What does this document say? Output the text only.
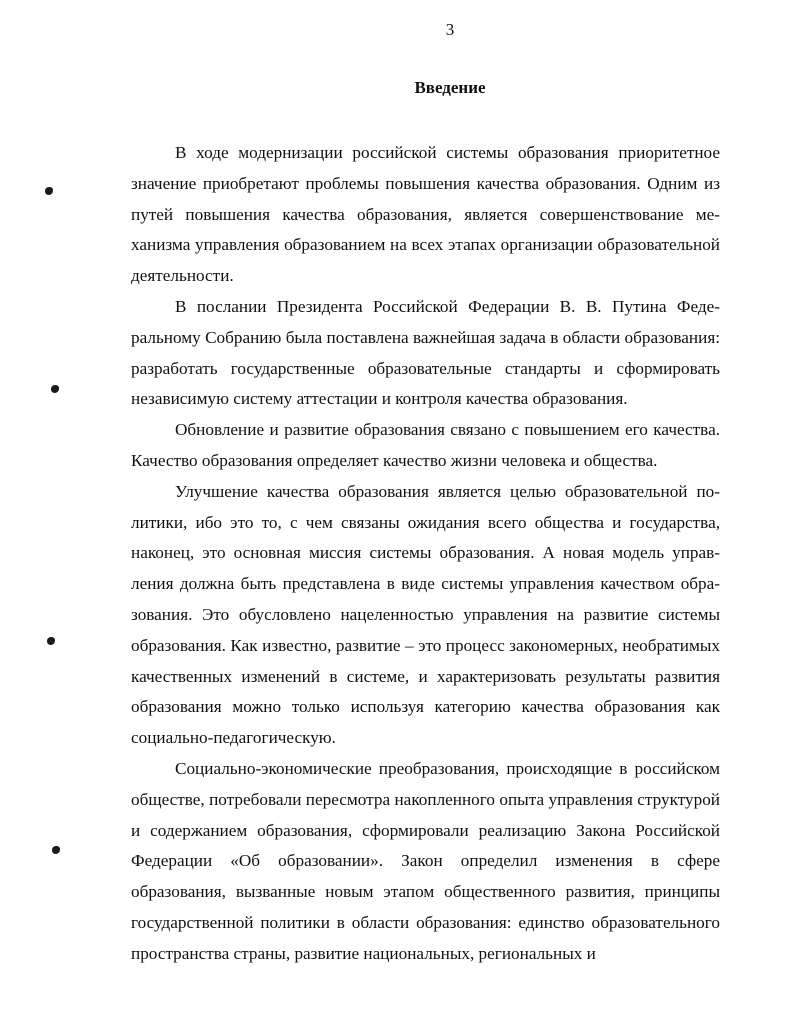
3
Введение

В ходе модернизации российской системы образования приоритетное значение приобретают проблемы повышения качества образования. Одним из путей повышения качества образования, является совершенствование механизма управления образованием на всех этапах организации образовательной деятельности.

В послании Президента Российской Федерации В. В. Путина Федеральному Собранию была поставлена важнейшая задача в области образования: разработать государственные образовательные стандарты и сформировать независимую систему аттестации и контроля качества образования.

Обновление и развитие образования связано с повышением его качества. Качество образования определяет качество жизни человека и общества.

Улучшение качества образования является целью образовательной политики, ибо это то, с чем связаны ожидания всего общества и государства, наконец, это основная миссия системы образования. А новая модель управления должна быть представлена в виде системы управления качеством образования. Это обусловлено нацеленностью управления на развитие системы образования. Как известно, развитие – это процесс закономерных, необратимых качественных изменений в системе, и характеризовать результаты развития образования можно только используя категорию качества образования как социально-педагогическую.

Социально-экономические преобразования, происходящие в российском обществе, потребовали пересмотра накопленного опыта управления структурой и содержанием образования, сформировали реализацию Закона Российской Федерации «Об образовании». Закон определил изменения в сфере образования, вызванные новым этапом общественного развития, принципы государственной политики в области образования: единство образовательного пространства страны, развитие национальных, региональных и
